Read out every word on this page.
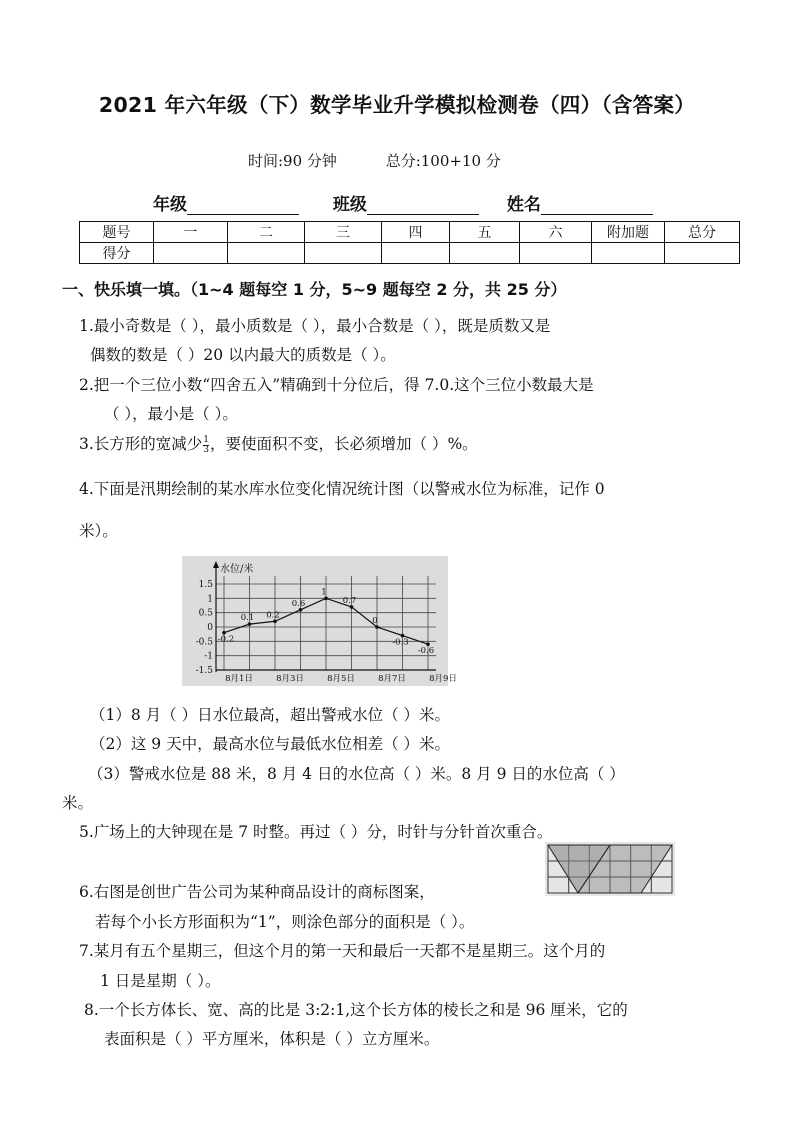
2021 年六年级（下）数学毕业升学模拟检测卷（四）（含答案）
时间:90 分钟	总分:100+10 分
年级	班级	姓名
题号	一	二	三	四	五	六	附加题	总分
得分								
一、快乐填一填。（1~4 题每空 1 分，5~9 题每空 2 分，共 25 分）
1.最小奇数是（ ），最小质数是（ ），最小合数是（ ），既是质数又是
偶数的数是（ ）20 以内最大的质数是（ ）。
2.把一个三位小数“四舍五入”精确到十分位后，得 7.0.这个三位小数最大是
（ ），最小是（ ）。
3.长方形的宽减少 $\frac{1}{3}$ ，要使面积不变，长必须增加（ ）%。
4.下面是汛期绘制的某水库水位变化情况统计图（以警戒水位为标准，记作 0
米）。
水位/米
1.5
1
0.5
0
-0.5
-1
-1.5
8月1日	8月3日	8月5日	8月7日	8月9日
-0.2
0.1 0.2
0.6
1
0.7
0
-0.3
-0.6
（1）8 月（ ）日水位最高，超出警戒水位（ ）米。
（2）这 9 天中，最高水位与最低水位相差（ ）米。
（3）警戒水位是 88 米，8 月 4 日的水位高（ ）米。8 月 9 日的水位高（ ）
米。
5.广场上的大钟现在是 7 时整。再过（ ）分，时针与分针首次重合。
6.右图是创世广告公司为某种商品设计的商标图案，
若每个小长方形面积为“1”，则涂色部分的面积是（ ）。
7.某月有五个星期三，但这个月的第一天和最后一天都不是星期三。这个月的
1 日是星期（ ）。
8.一个长方体长、宽、高的比是 3:2:1,这个长方体的棱长之和是 96 厘米，它的
表面积是（ ）平方厘米，体积是（ ）立方厘米。
